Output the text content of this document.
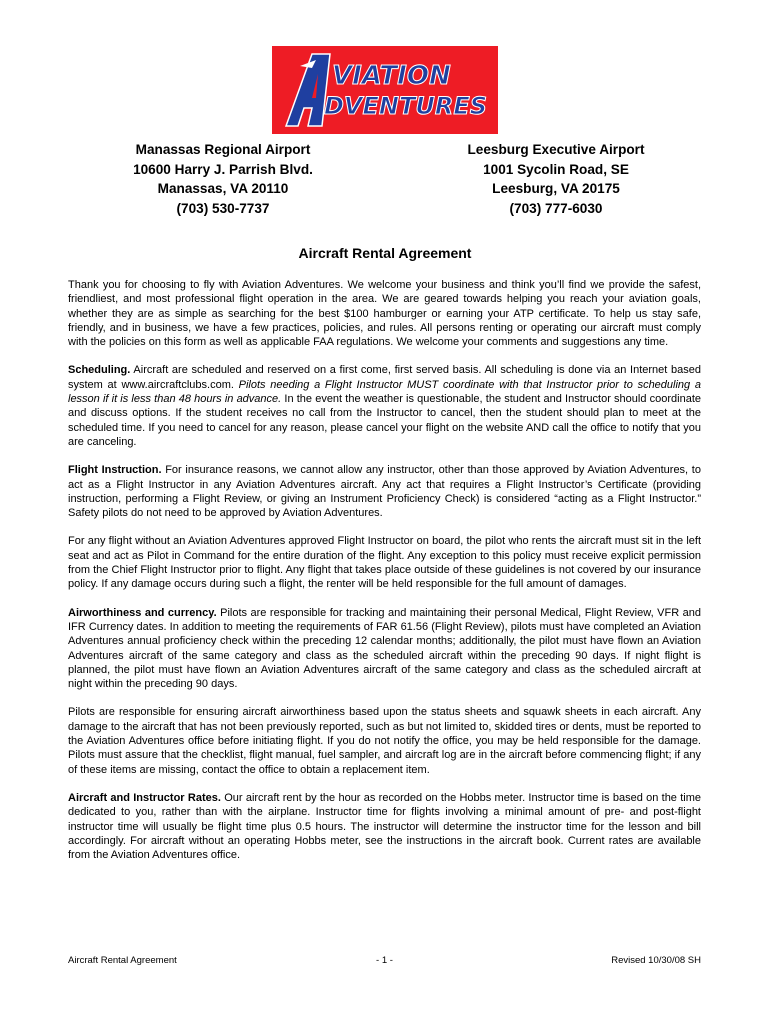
VIATION
DVENTURES
Manassas Regional Airport
10600 Harry J. Parrish Blvd.
Manassas, VA 20110
(703) 530-7737
Leesburg Executive Airport
1001 Sycolin Road, SE
Leesburg, VA 20175
(703) 777-6030
Aircraft Rental Agreement

Thank you for choosing to fly with Aviation Adventures. We welcome your business and think you’ll find we provide the safest, friendliest, and most professional flight operation in the area. We are geared towards helping you reach your aviation goals, whether they are as simple as searching for the best $100 hamburger or earning your ATP certificate. To help us stay safe, friendly, and in business, we have a few practices, policies, and rules. All persons renting or operating our aircraft must comply with the policies on this form as well as applicable FAA regulations. We welcome your comments and suggestions any time.

Scheduling. Aircraft are scheduled and reserved on a first come, first served basis. All scheduling is done via an Internet based system at www.aircraftclubs.com. Pilots needing a Flight Instructor MUST coordinate with that Instructor prior to scheduling a lesson if it is less than 48 hours in advance. In the event the weather is questionable, the student and Instructor should coordinate and discuss options. If the student receives no call from the Instructor to cancel, then the student should plan to meet at the scheduled time. If you need to cancel for any reason, please cancel your flight on the website AND call the office to notify that you are canceling.

Flight Instruction. For insurance reasons, we cannot allow any instructor, other than those approved by Aviation Adventures, to act as a Flight Instructor in any Aviation Adventures aircraft. Any act that requires a Flight Instructor’s Certificate (providing instruction, performing a Flight Review, or giving an Instrument Proficiency Check) is considered “acting as a Flight Instructor.” Safety pilots do not need to be approved by Aviation Adventures.

For any flight without an Aviation Adventures approved Flight Instructor on board, the pilot who rents the aircraft must sit in the left seat and act as Pilot in Command for the entire duration of the flight. Any exception to this policy must receive explicit permission from the Chief Flight Instructor prior to flight. Any flight that takes place outside of these guidelines is not covered by our insurance policy. If any damage occurs during such a flight, the renter will be held responsible for the full amount of damages.

Airworthiness and currency. Pilots are responsible for tracking and maintaining their personal Medical, Flight Review, VFR and IFR Currency dates. In addition to meeting the requirements of FAR 61.56 (Flight Review), pilots must have completed an Aviation Adventures annual proficiency check within the preceding 12 calendar months; additionally, the pilot must have flown an Aviation Adventures aircraft of the same category and class as the scheduled aircraft within the preceding 90 days. If night flight is planned, the pilot must have flown an Aviation Adventures aircraft of the same category and class as the scheduled aircraft at night within the preceding 90 days.

Pilots are responsible for ensuring aircraft airworthiness based upon the status sheets and squawk sheets in each aircraft. Any damage to the aircraft that has not been previously reported, such as but not limited to, skidded tires or dents, must be reported to the Aviation Adventures office before initiating flight. If you do not notify the office, you may be held responsible for the damage. Pilots must assure that the checklist, flight manual, fuel sampler, and aircraft log are in the aircraft before commencing flight; if any of these items are missing, contact the office to obtain a replacement item.

Aircraft and Instructor Rates. Our aircraft rent by the hour as recorded on the Hobbs meter. Instructor time is based on the time dedicated to you, rather than with the airplane. Instructor time for flights involving a minimal amount of pre- and post-flight instructor time will usually be flight time plus 0.5 hours. The instructor will determine the instructor time for the lesson and bill accordingly. For aircraft without an operating Hobbs meter, see the instructions in the aircraft book. Current rates are available from the Aviation Adventures office.

Aircraft Rental Agreement	- 1 -	Revised 10/30/08 SH
